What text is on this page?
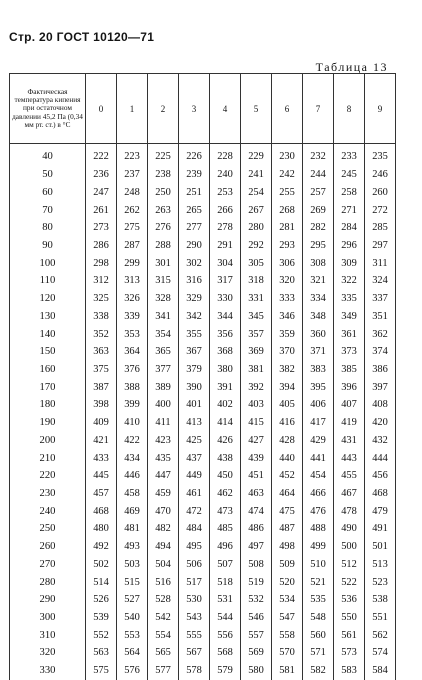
Стр. 20 ГОСТ 10120—71
Таблица 13
Фактическая температура кипения при остаточном давлении 45,2 Па (0,34 мм рт. ст.) в °С	0	1	2	3	4	5	6	7	8	9
40	222	223	225	226	228	229	230	232	233	235
50	236	237	238	239	240	241	242	244	245	246
60	247	248	250	251	253	254	255	257	258	260
70	261	262	263	265	266	267	268	269	271	272
80	273	275	276	277	278	280	281	282	284	285
90	286	287	288	290	291	292	293	295	296	297
100	298	299	301	302	304	305	306	308	309	311
110	312	313	315	316	317	318	320	321	322	324
120	325	326	328	329	330	331	333	334	335	337
130	338	339	341	342	344	345	346	348	349	351
140	352	353	354	355	356	357	359	360	361	362
150	363	364	365	367	368	369	370	371	373	374
160	375	376	377	379	380	381	382	383	385	386
170	387	388	389	390	391	392	394	395	396	397
180	398	399	400	401	402	403	405	406	407	408
190	409	410	411	413	414	415	416	417	419	420
200	421	422	423	425	426	427	428	429	431	432
210	433	434	435	437	438	439	440	441	443	444
220	445	446	447	449	450	451	452	454	455	456
230	457	458	459	461	462	463	464	466	467	468
240	468	469	470	472	473	474	475	476	478	479
250	480	481	482	484	485	486	487	488	490	491
260	492	493	494	495	496	497	498	499	500	501
270	502	503	504	506	507	508	509	510	512	513
280	514	515	516	517	518	519	520	521	522	523
290	526	527	528	530	531	532	534	535	536	538
300	539	540	542	543	544	546	547	548	550	551
310	552	553	554	555	556	557	558	560	561	562
320	563	564	565	567	568	569	570	571	573	574
330	575	576	577	578	579	580	581	582	583	584
